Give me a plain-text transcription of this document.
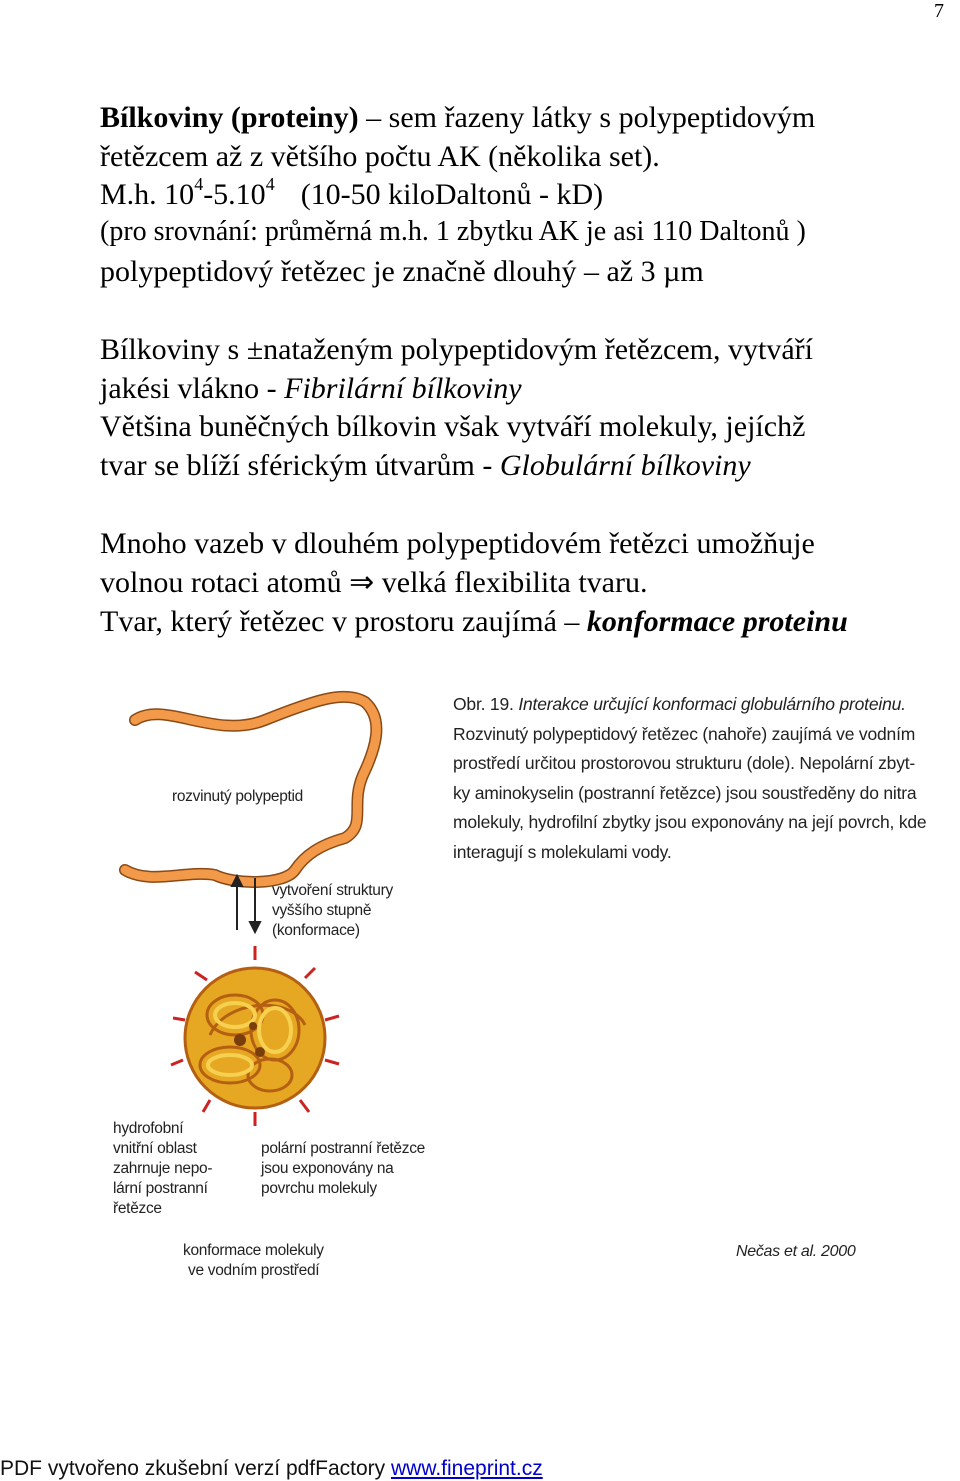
7
Bílkoviny (proteiny) – sem řazeny látky s polypeptidovým
řetězcem až z většího počtu AK (několika set).
M.h. $10^4-5.10^4$ (10-50 kiloDaltonů - kD)
(pro srovnání: průměrná m.h. 1 zbytku AK je asi 110 Daltonů )
polypeptidový řetězec je značně dlouhý – až 3 µm
Bílkoviny s ±nataženým polypeptidovým řetězcem, vytváří
jakési vlákno - Fibrilární bílkoviny
Většina buněčných bílkovin však vytváří molekuly, jejíchž
tvar se blíží sférickým útvarům - Globulární bílkoviny
Mnoho vazeb v dlouhém polypeptidovém řetězci umožňuje
volnou rotaci atomů ⇒ velká flexibilita tvaru.
Tvar, který řetězec v prostoru zaujímá – konformace proteinu
rozvinutý polypeptid
vytvoření struktury
vyššího stupně
(konformace)
hydrofobní
vnitřní oblast
zahrnuje nepo-
lární postranní
řetězce
polární postranní řetězce
jsou exponovány na
povrchu molekuly
konformace molekuly
ve vodním prostředí
Obr. 19. Interakce určující konformaci globulárního proteinu.
Rozvinutý polypeptidový řetězec (nahoře) zaujímá ve vodním
prostředí určitou prostorovou strukturu (dole). Nepolární zbyt-
ky aminokyselin (postranní řetězce) jsou soustředěny do nitra
molekuly, hydrofilní zbytky jsou exponovány na její povrch, kde
interagují s molekulami vody.
Nečas et al. 2000
PDF vytvořeno zkušební verzí pdfFactory www.fineprint.cz
